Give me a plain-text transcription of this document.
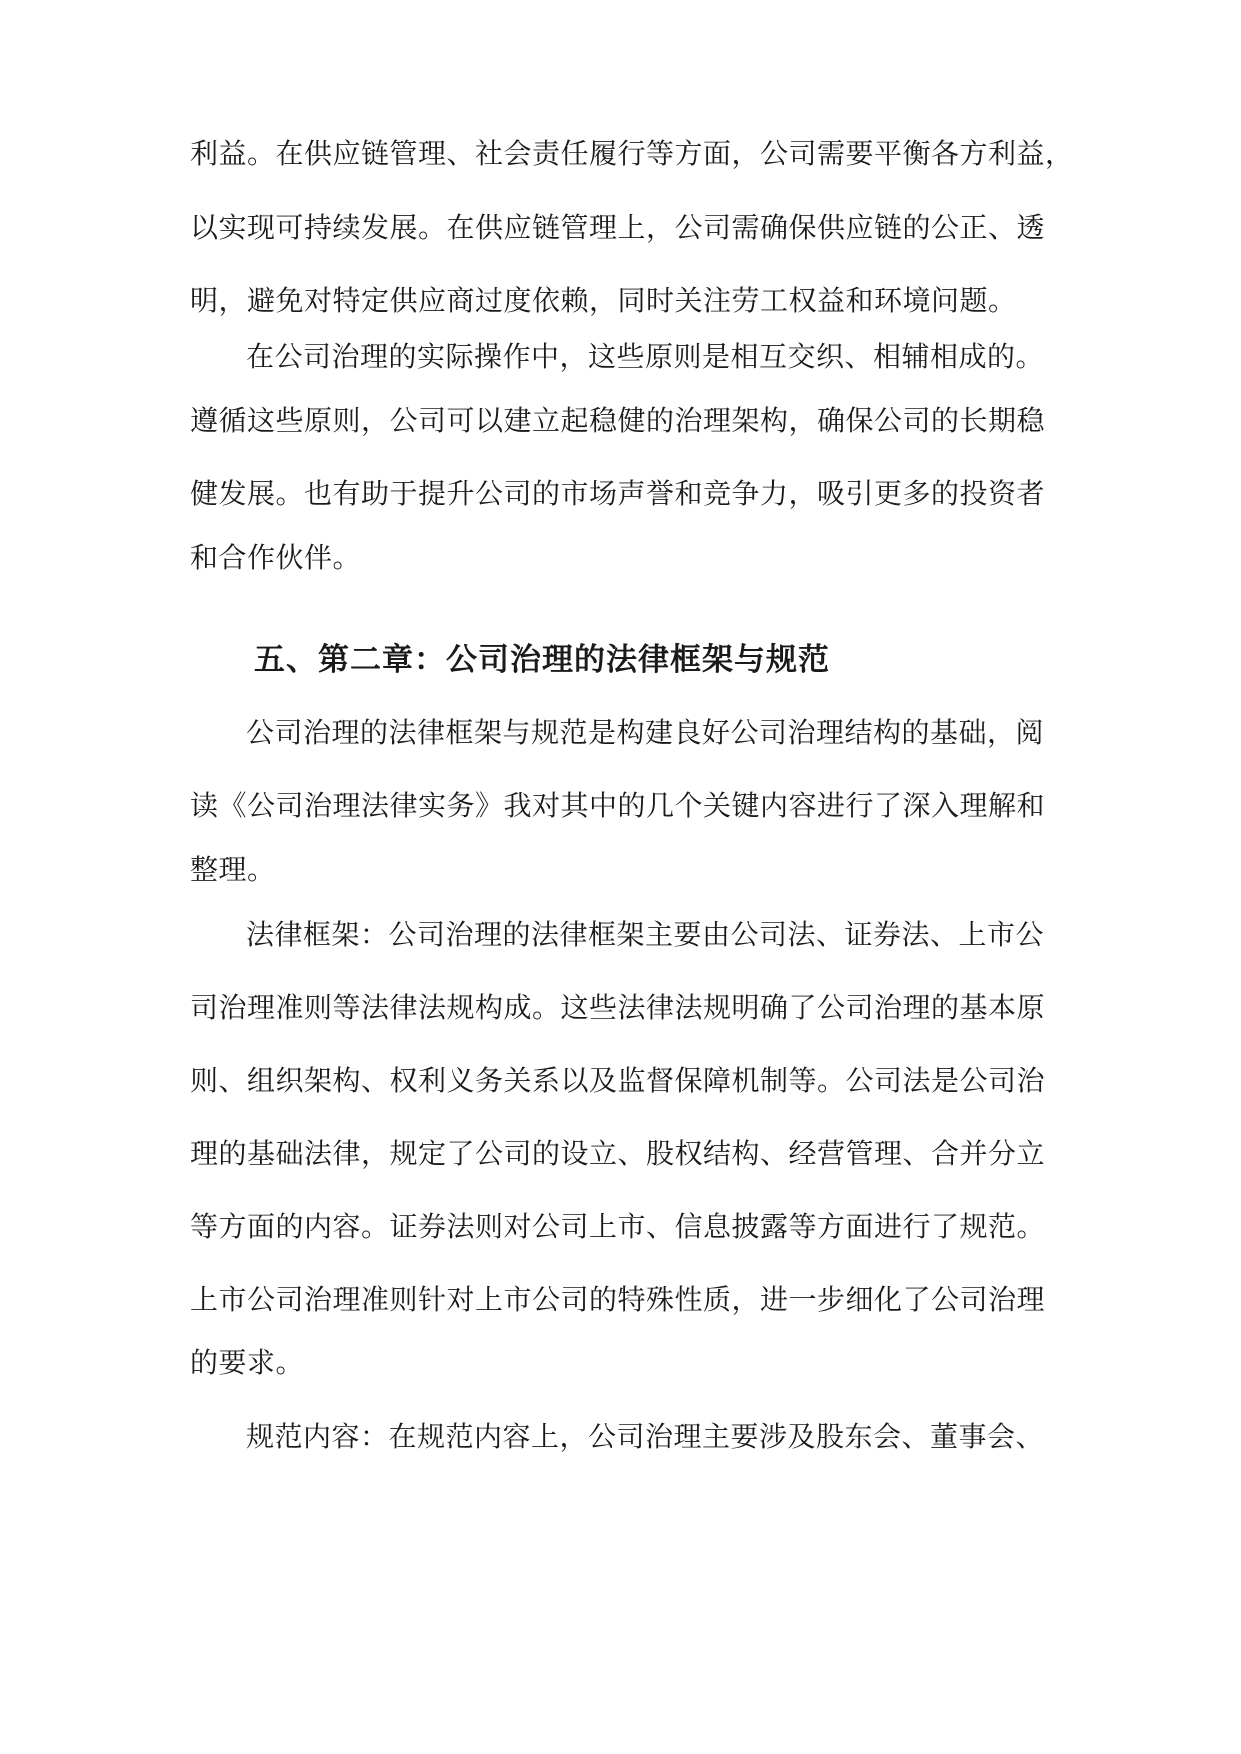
利益。在供应链管理、社会责任履行等方面，公司需要平衡各方利益，
以实现可持续发展。在供应链管理上，公司需确保供应链的公正、透
明，避免对特定供应商过度依赖，同时关注劳工权益和环境问题。
在公司治理的实际操作中，这些原则是相互交织、相辅相成的。
遵循这些原则，公司可以建立起稳健的治理架构，确保公司的长期稳
健发展。也有助于提升公司的市场声誉和竞争力，吸引更多的投资者
和合作伙伴。
五、第二章：公司治理的法律框架与规范
公司治理的法律框架与规范是构建良好公司治理结构的基础，阅
读《公司治理法律实务》我对其中的几个关键内容进行了深入理解和
整理。
法律框架：公司治理的法律框架主要由公司法、证券法、上市公
司治理准则等法律法规构成。这些法律法规明确了公司治理的基本原
则、组织架构、权利义务关系以及监督保障机制等。公司法是公司治
理的基础法律，规定了公司的设立、股权结构、经营管理、合并分立
等方面的内容。证券法则对公司上市、信息披露等方面进行了规范。
上市公司治理准则针对上市公司的特殊性质，进一步细化了公司治理
的要求。
规范内容：在规范内容上，公司治理主要涉及股东会、董事会、
